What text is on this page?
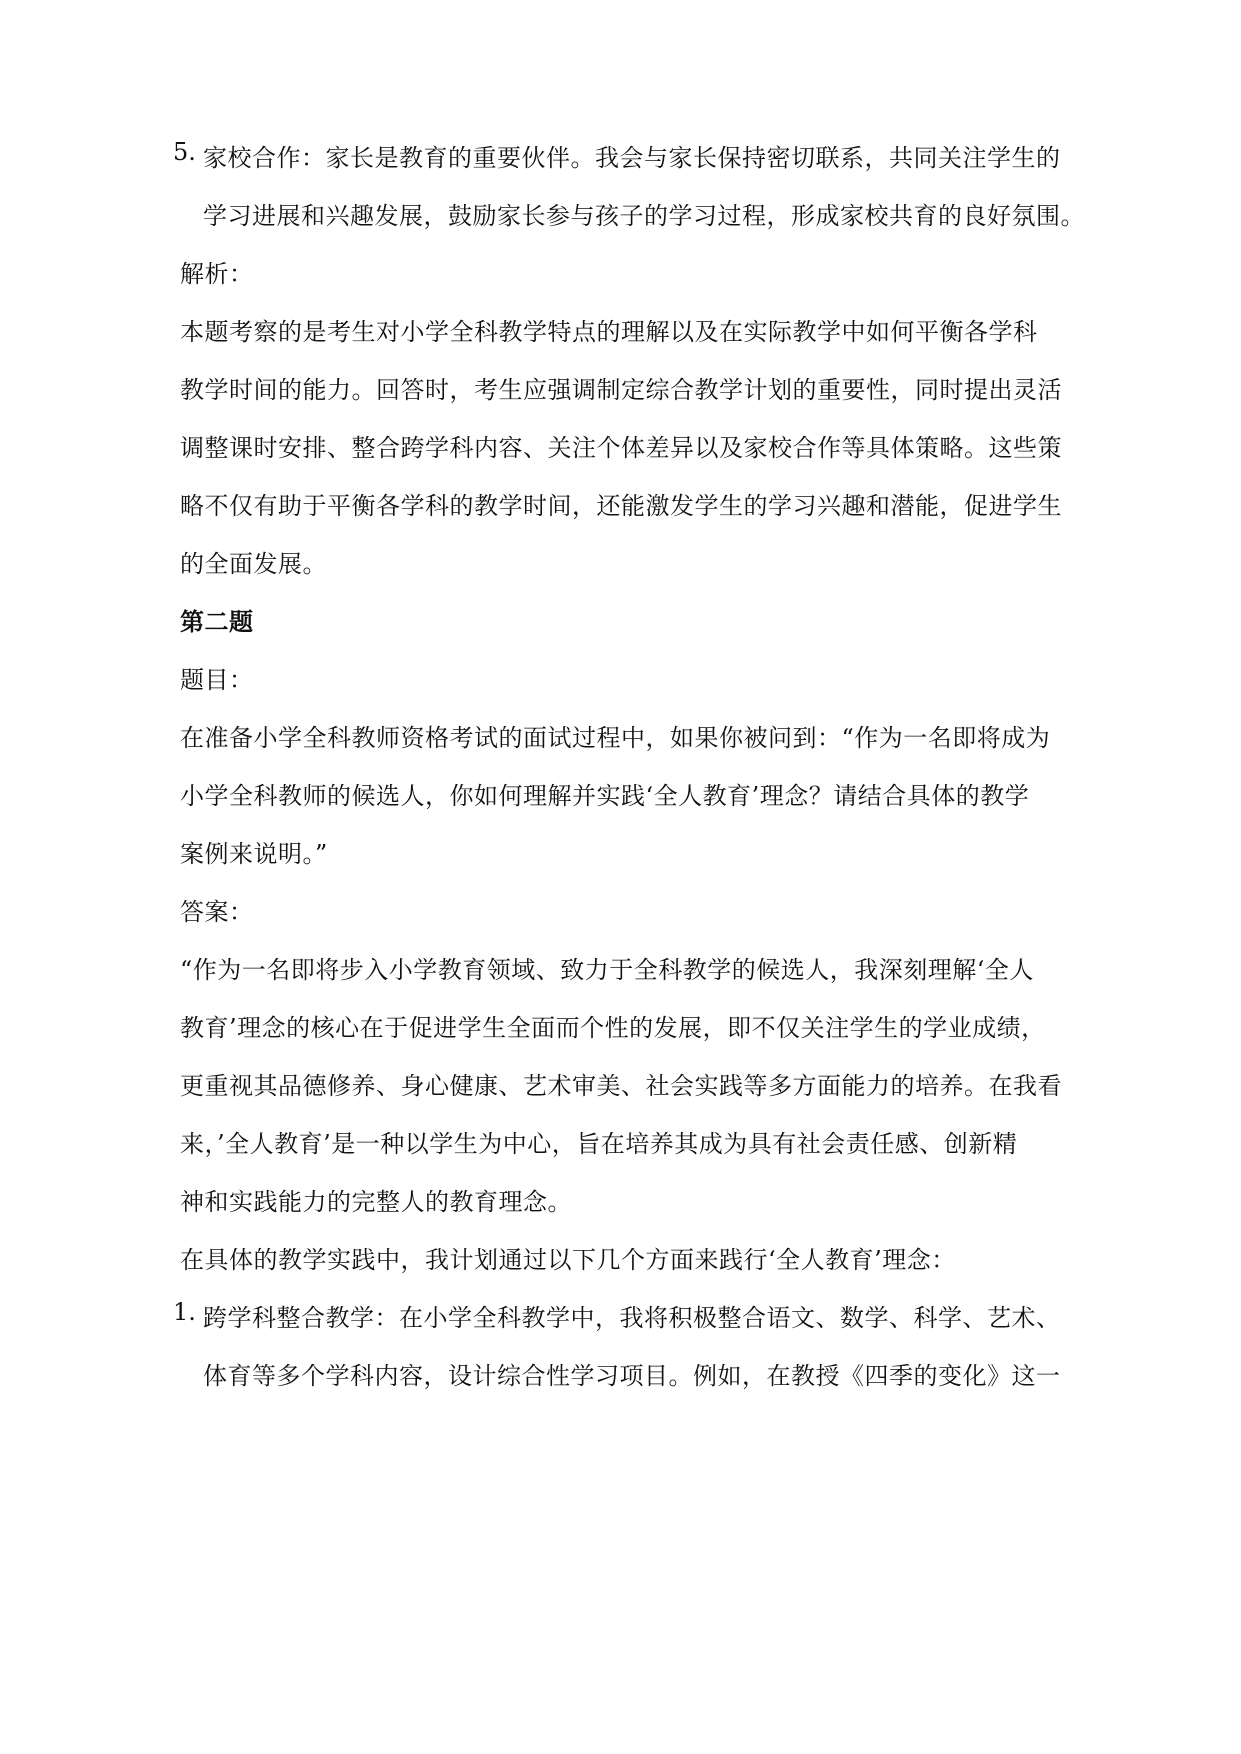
5. 家校合作：家长是教育的重要伙伴。我会与家长保持密切联系，共同关注学生的
学习进展和兴趣发展，鼓励家长参与孩子的学习过程，形成家校共育的良好氛围。
解析：
本题考察的是考生对小学全科教学特点的理解以及在实际教学中如何平衡各学科
教学时间的能力。回答时，考生应强调制定综合教学计划的重要性，同时提出灵活
调整课时安排、整合跨学科内容、关注个体差异以及家校合作等具体策略。这些策
略不仅有助于平衡各学科的教学时间，还能激发学生的学习兴趣和潜能，促进学生
的全面发展。
第二题
题目：
在准备小学全科教师资格考试的面试过程中，如果你被问到：“作为一名即将成为
小学全科教师的候选人，你如何理解并实践‘全人教育’理念？请结合具体的教学
案例来说明。”
答案：
“作为一名即将步入小学教育领域、致力于全科教学的候选人，我深刻理解‘全人
教育’理念的核心在于促进学生全面而个性的发展，即不仅关注学生的学业成绩，
更重视其品德修养、身心健康、艺术审美、社会实践等多方面能力的培养。在我看
来，’全人教育’是一种以学生为中心，旨在培养其成为具有社会责任感、创新精
神和实践能力的完整人的教育理念。
在具体的教学实践中，我计划通过以下几个方面来践行‘全人教育’理念：
1. 跨学科整合教学：在小学全科教学中，我将积极整合语文、数学、科学、艺术、
体育等多个学科内容，设计综合性学习项目。例如，在教授《四季的变化》这一
